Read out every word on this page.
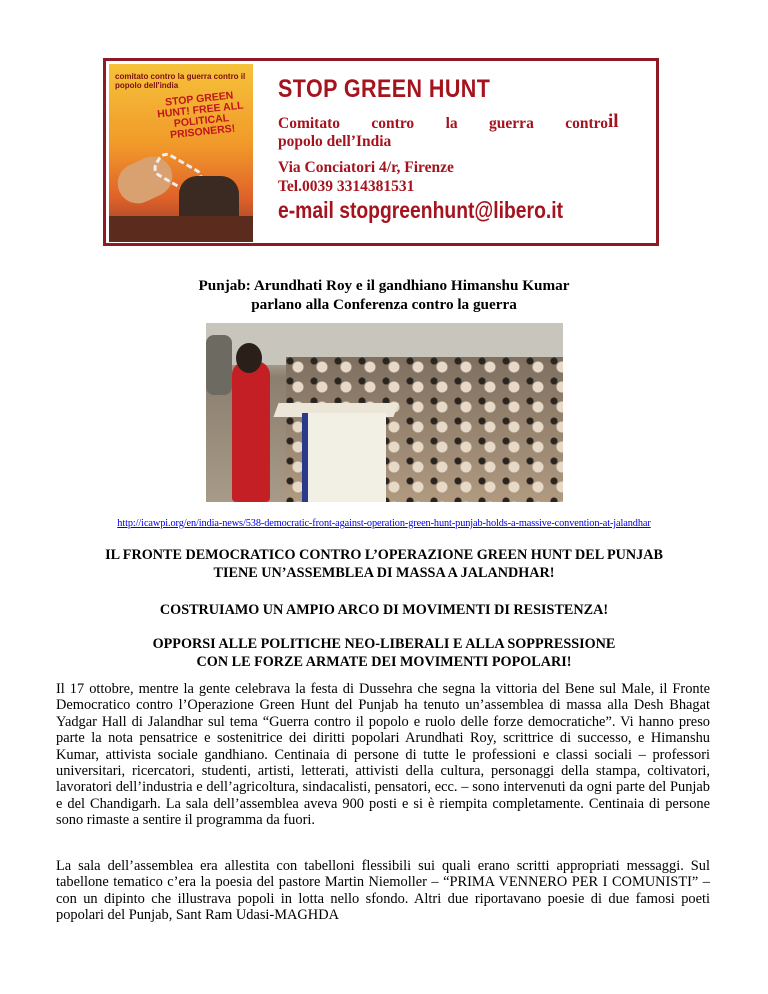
comitato contro la guerra contro il popolo dell'india
STOP GREEN HUNT! FREE ALL POLITICAL PRISONERS!
STOP GREEN HUNT
Comitato contro la guerra contro il
popolo dell’India
Via Conciatori 4/r, Firenze
Tel.0039 3314381531
e-mail stopgreenhunt@libero.it
Punjab: Arundhati Roy e il gandhiano Himanshu Kumar
parlano alla Conferenza contro la guerra
http://icawpi.org/en/india-news/538-democratic-front-against-operation-green-hunt-punjab-holds-a-massive-convention-at-jalandhar
IL FRONTE DEMOCRATICO CONTRO L’OPERAZIONE GREEN HUNT DEL PUNJAB
TIENE UN’ASSEMBLEA DI MASSA A JALANDHAR!
COSTRUIAMO UN AMPIO ARCO DI MOVIMENTI DI RESISTENZA!
OPPORSI ALLE POLITICHE NEO-LIBERALI E ALLA SOPPRESSIONE
CON LE FORZE ARMATE DEI MOVIMENTI POPOLARI!

Il 17 ottobre, mentre la gente celebrava la festa di Dussehra che segna la vittoria del Bene sul Male, il Fronte Democratico contro l’Operazione Green Hunt del Punjab ha tenuto un’assemblea di massa alla Desh Bhagat Yadgar Hall di Jalandhar sul tema “Guerra contro il popolo e ruolo delle forze democratiche”. Vi hanno preso parte la nota pensatrice e sostenitrice dei diritti popolari Arundhati Roy, scrittrice di successo, e Himanshu Kumar, attivista sociale gandhiano. Centinaia di persone di tutte le professioni e classi sociali – professori universitari, ricercatori, studenti, artisti, letterati, attivisti della cultura, personaggi della stampa, coltivatori, lavoratori dell’industria e dell’agricoltura, sindacalisti, pensatori, ecc. – sono intervenuti da ogni parte del Punjab e del Chandigarh. La sala dell’assemblea aveva 900 posti e si è riempita completamente. Centinaia di persone sono rimaste a sentire il programma da fuori.

La sala dell’assemblea era allestita con tabelloni flessibili sui quali erano scritti appropriati messaggi. Sul tabellone tematico c’era la poesia del pastore Martin Niemoller – “PRIMA VENNERO PER I COMUNISTI” – con un dipinto che illustrava popoli in lotta nello sfondo. Altri due riportavano poesie di due famosi poeti popolari del Punjab, Sant Ram Udasi-MAGHDA
